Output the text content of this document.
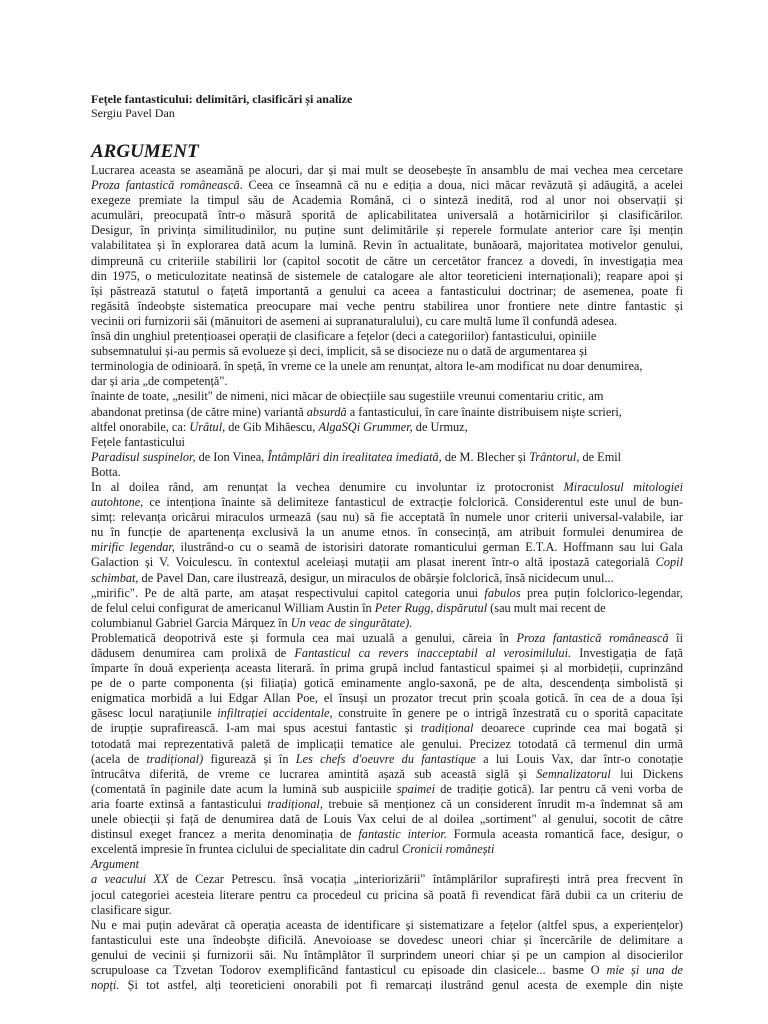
Fețele fantasticului: delimitări, clasificări și analize

Sergiu Pavel Dan

ARGUMENT
Lucrarea aceasta se aseamănă pe alocuri, dar și mai mult se deosebește în ansamblu de mai vechea mea cercetare
Proza fantastică românească. Ceea ce înseamnă că nu e ediția a doua, nici măcar revăzută și adăugită, a acelei
exegeze premiate la timpul său de Academia Română, ci o sinteză inedită, rod al unor noi observații și
acumulări, preocupată într-o măsură sporită de aplicabilitatea universală a hotărnicirilor și clasificărilor.
Desigur, în privința similitudinilor, nu puține sunt delimitările și reperele formulate anterior care își mențin
valabilitatea și în explorarea dată acum la lumină. Revin în actualitate, bunăoară, majoritatea motivelor genului,
dimpreună cu criteriile stabilirii lor (capitol socotit de către un cercetător francez a dovedi, în investigația mea
din 1975, o meticulozitate neatinsă de sistemele de catalogare ale altor teoreticieni internaționali); reapare apoi și
își păstrează statutul o fațetă importantă a genului ca aceea a fantasticului doctrinar; de asemenea, poate fi
regăsită îndeobște sistematica preocupare mai veche pentru stabilirea unor frontiere nete dintre fantastic și
vecinii ori furnizorii săi (mănuitori de asemeni ai supranaturalului), cu care multă lume îl confundă adesea.
însă din unghiul pretențioasei operații de clasificare a fețelor (deci a categoriilor) fantasticului, opiniile
subsemnatului și-au permis să evolueze și deci, implicit, să se disocieze nu o dată de argumentarea și
terminologia de odinioară. în speță, în vreme ce la unele am renunțat, altora le-am modificat nu doar denumirea,
dar și aria „de competență".
înainte de toate, „nesilit" de nimeni, nici măcar de obiecțiile sau sugestiile vreunui comentariu critic, am
abandonat pretinsa (de către mine) variantă absurdă a fantasticului, în care înainte distribuisem niște scrieri,
altfel onorabile, ca: Urâtul, de Gib Mihăescu, AlgaSQi Grummer, de Urmuz,
Fețele fantasticului
Paradisul suspinelor, de Ion Vinea, Întâmplări din irealitatea imediată, de M. Blecher și Trântorul, de Emil
Botta.
In al doilea rând, am renunțat la vechea denumire cu involuntar iz protocronist Miraculosul mitologiei
autohtone, ce intenționa înainte să delimiteze fantasticul de extracție folclorică. Considerentul este unul de bun-
simț: relevanța oricărui miraculos urmează (sau nu) să fie acceptată în numele unor criterii universal-valabile, iar
nu în funcție de apartenența exclusivă la un anume etnos. în consecință, am atribuit formulei denumirea de
mirific legendar, ilustrând-o cu o seamă de istorisiri datorate romanticului german E.T.A. Hoffmann sau lui Gala
Galaction și V. Voiculescu. în contextul aceleiași mutații am plasat inerent într-o altă ipostază categorială Copil
schimbat, de Pavel Dan, care ilustrează, desigur, un miraculos de obârșie folclorică, însă nicidecum unul...
„mirific". Pe de altă parte, am atașat respectivului capitol categoria unui fabulos prea puțin folclorico-legendar,
de felul celui configurat de americanul William Austin în Peter Rugg, dispărutul (sau mult mai recent de
columbianul Gabriel Garcia Márquez în Un veac de singurătate).
Problematică deopotrivă este și formula cea mai uzuală a genului, căreia în Proza fantastică românească îi
dădusem denumirea cam prolixă de Fantasticul ca revers inacceptabil al verosimilului. Investigația de față
împarte în două experiența aceasta literară. în prima grupă includ fantasticul spaimei și al morbideții, cuprinzând
pe de o parte componenta (și filiația) gotică eminamente anglo-saxonă, pe de alta, descendența simbolistă și
enigmatica morbidă a lui Edgar Allan Poe, el însuși un prozator trecut prin școala gotică. în cea de a doua își
găsesc locul narațiunile infiltrației accidentale, construite în genere pe o intrigă înzestrată cu o sporită capacitate
de irupție suprafirească. I-am mai spus acestui fantastic și tradițional deoarece cuprinde cea mai bogată și
totodată mai reprezentativă paletă de implicații tematice ale genului. Precizez totodată că termenul din urmă
(acela de tradițional) figurează și în Les chefs d'oeuvre du fantastique a lui Louis Vax, dar într-o conotație
întrucâtva diferită, de vreme ce lucrarea amintită așază sub această siglă și Semnalizatorul lui Dickens
(comentată în paginile date acum la lumină sub auspiciile spaimei de tradiție gotică). Iar pentru că veni vorba de
aria foarte extinsă a fantasticului tradițional, trebuie să menționez că un considerent înrudit m-a îndemnat să am
unele obiecții și față de denumirea dată de Louis Vax celui de al doilea „sortiment" al genului, socotit de către
distinsul exeget francez a merita denominația de fantastic interior. Formula aceasta romantică face, desigur, o
excelentă impresie în fruntea ciclului de specialitate din cadrul Cronicii românești
Argument
a veacului XX de Cezar Petrescu. însă vocația „interiorizării" întâmplărilor suprafirești intră prea frecvent în
jocul categoriei acesteia literare pentru ca procedeul cu pricina să poată fi revendicat fără dubii ca un criteriu de
clasificare sigur.
Nu e mai puțin adevărat că operația aceasta de identificare și sistematizare a fețelor (altfel spus, a experiențelor)
fantasticului este una îndeobște dificilă. Anevoioase se dovedesc uneori chiar și încercările de delimitare a
genului de vecinii și furnizorii săi. Nu întâmplător îl surprindem uneori chiar și pe un campion al disocierilor
scrupuloase ca Tzvetan Todorov exemplificând fantasticul cu episoade din clasicele... basme O mie și una de
nopți. Și tot astfel, alți teoreticieni onorabili pot fi remarcați ilustrând genul acesta de exemple din niște
